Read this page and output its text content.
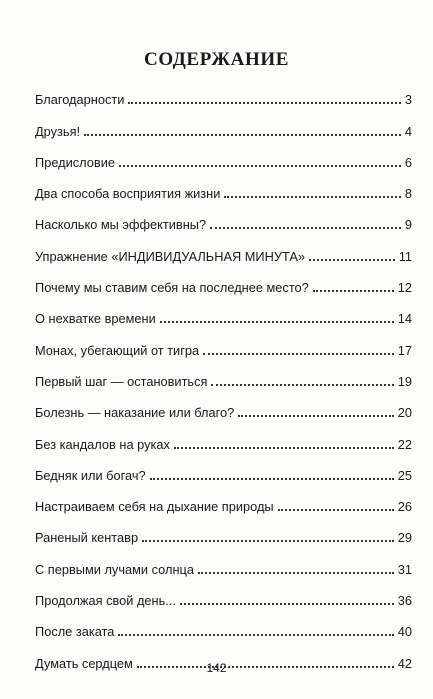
СОДЕРЖАНИЕ
Благодарности	3
Друзья!	4
Предисловие	6
Два способа восприятия жизни	8
Насколько мы эффективны?	9
Упражнение «ИНДИВИДУАЛЬНАЯ МИНУТА»	11
Почему мы ставим себя на последнее место?	12
О нехватке времени	14
Монах, убегающий от тигра	17
Первый шаг — остановиться	19
Болезнь — наказание или благо?	20
Без кандалов на руках	22
Бедняк или богач?	25
Настраиваем себя на дыхание природы	26
Раненый кентавр	29
С первыми лучами солнца	31
Продолжая свой день...	36
После заката	40
Думать сердцем	42
142
